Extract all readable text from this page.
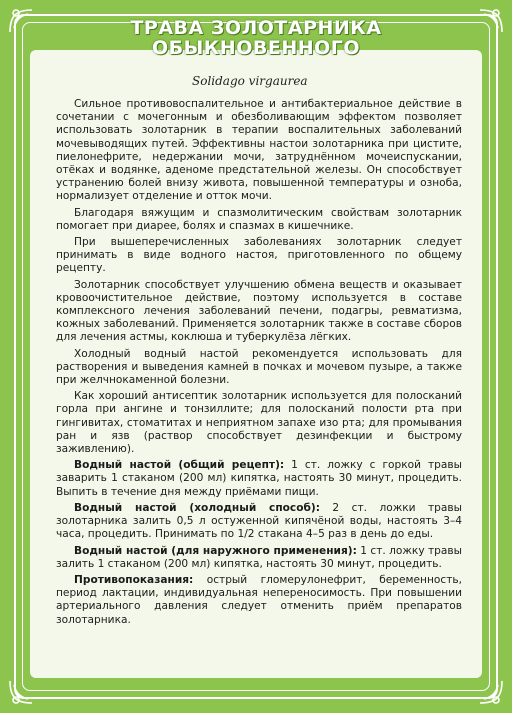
ТРАВА ЗОЛОТАРНИКА
ОБЫКНОВЕННОГО
Solidago virgaurea

Сильное противовоспалительное и антибактериальное действие в сочетании с мочегонным и обезболивающим эффектом позволяет использовать золотарник в терапии воспалительных заболеваний мочевыводящих путей. Эффективны настои золотарника при цистите, пиелонефрите, недержании мочи, затруднённом мочеиспускании, отёках и водянке, аденоме предстательной железы. Он способствует устранению болей внизу живота, повышенной температуры и озноба, нормализует отделение и отток мочи.

Благодаря вяжущим и спазмолитическим свойствам золотарник помогает при диарее, болях и спазмах в кишечнике.

При вышеперечисленных заболеваниях золотарник следует принимать в виде водного настоя, приготовленного по общему рецепту.

Золотарник способствует улучшению обмена веществ и оказывает кровоочистительное действие, поэтому используется в составе комплексного лечения заболеваний печени, подагры, ревматизма, кожных заболеваний. Применяется золотарник также в составе сборов для лечения астмы, коклюша и туберкулёза лёгких.

Холодный водный настой рекомендуется использовать для растворения и выведения камней в почках и мочевом пузыре, а также при желчнокаменной болезни.

Как хороший антисептик золотарник используется для полосканий горла при ангине и тонзиллите; для полосканий полости рта при гингивитах, стоматитах и неприятном запахе изо рта; для промывания ран и язв (раствор способствует дезинфекции и быстрому заживлению).

Водный настой (общий рецепт): 1 ст. ложку с горкой травы заварить 1 стаканом (200 мл) кипятка, настоять 30 минут, процедить. Выпить в течение дня между приёмами пищи.

Водный настой (холодный способ): 2 ст. ложки травы золотарника залить 0,5 л остуженной кипячёной воды, настоять 3–4 часа, процедить. Принимать по 1/2 стакана 4–5 раз в день до еды.

Водный настой (для наружного применения): 1 ст. ложку травы залить 1 стаканом (200 мл) кипятка, настоять 30 минут, процедить.

Противопоказания: острый гломерулонефрит, беременность, период лактации, индивидуальная непереносимость. При повышении артериального давления следует отменить приём препаратов золотарника.
